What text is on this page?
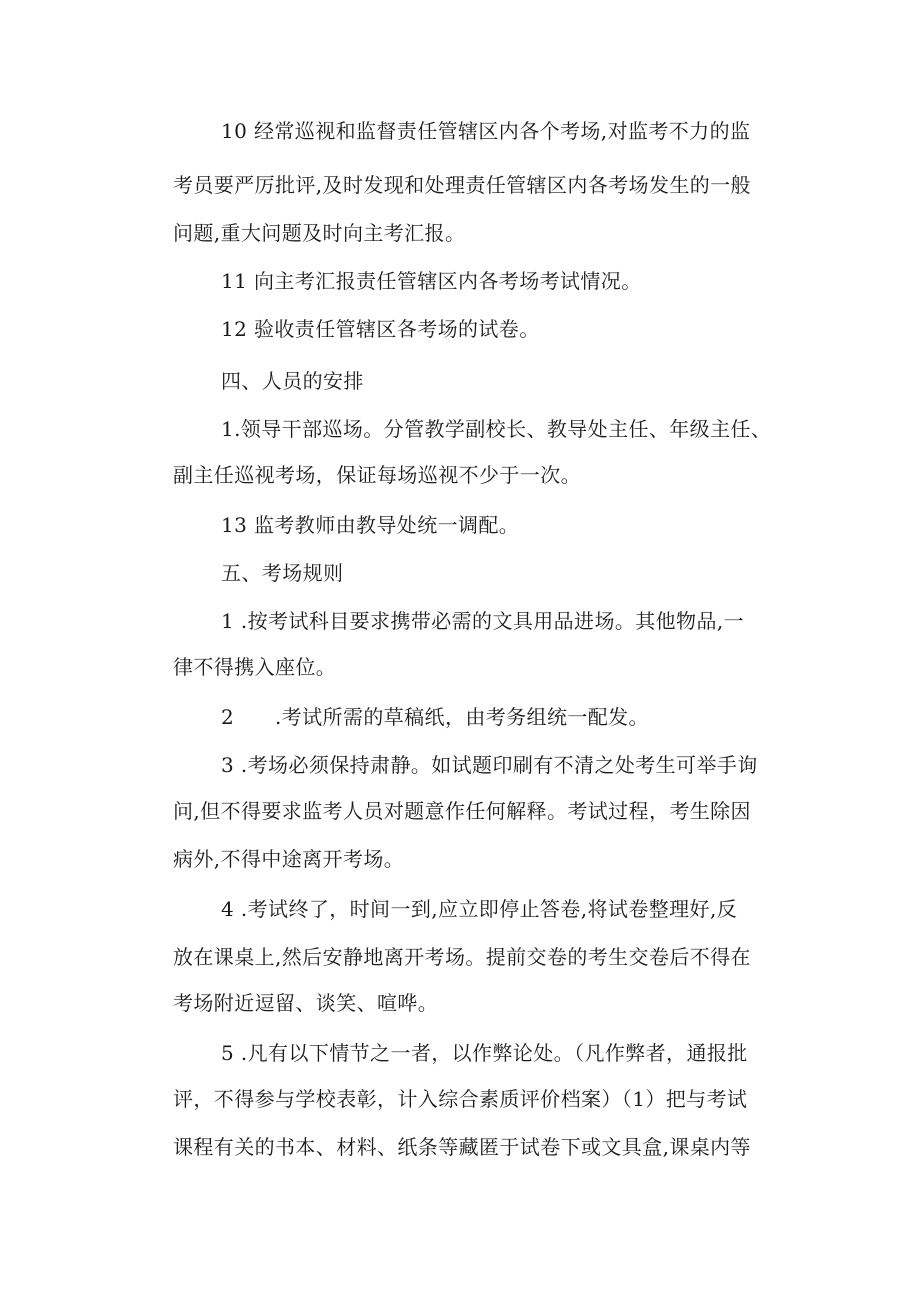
10 经常巡视和监督责任管辖区内各个考场,对监考不力的监
考员要严厉批评,及时发现和处理责任管辖区内各考场发生的一般
问题,重大问题及时向主考汇报。
11 向主考汇报责任管辖区内各考场考试情况。
12 验收责任管辖区各考场的试卷。
四、人员的安排
1.领导干部巡场。分管教学副校长、教导处主任、年级主任、
副主任巡视考场，保证每场巡视不少于一次。
13 监考教师由教导处统一调配。
五、考场规则
1 .按考试科目要求携带必需的文具用品进场。其他物品,一
律不得携入座位。
2 .考试所需的草稿纸，由考务组统一配发。
3 .考场必须保持肃静。如试题印刷有不清之处考生可举手询
问,但不得要求监考人员对题意作任何解释。考试过程，考生除因
病外,不得中途离开考场。
4 .考试终了，时间一到,应立即停止答卷,将试卷整理好,反
放在课桌上,然后安静地离开考场。提前交卷的考生交卷后不得在
考场附近逗留、谈笑、喧哗。
5 .凡有以下情节之一者，以作弊论处。（凡作弊者，通报批
评，不得参与学校表彰，计入综合素质评价档案）（1）把与考试
课程有关的书本、材料、纸条等藏匿于试卷下或文具盒,课桌内等
